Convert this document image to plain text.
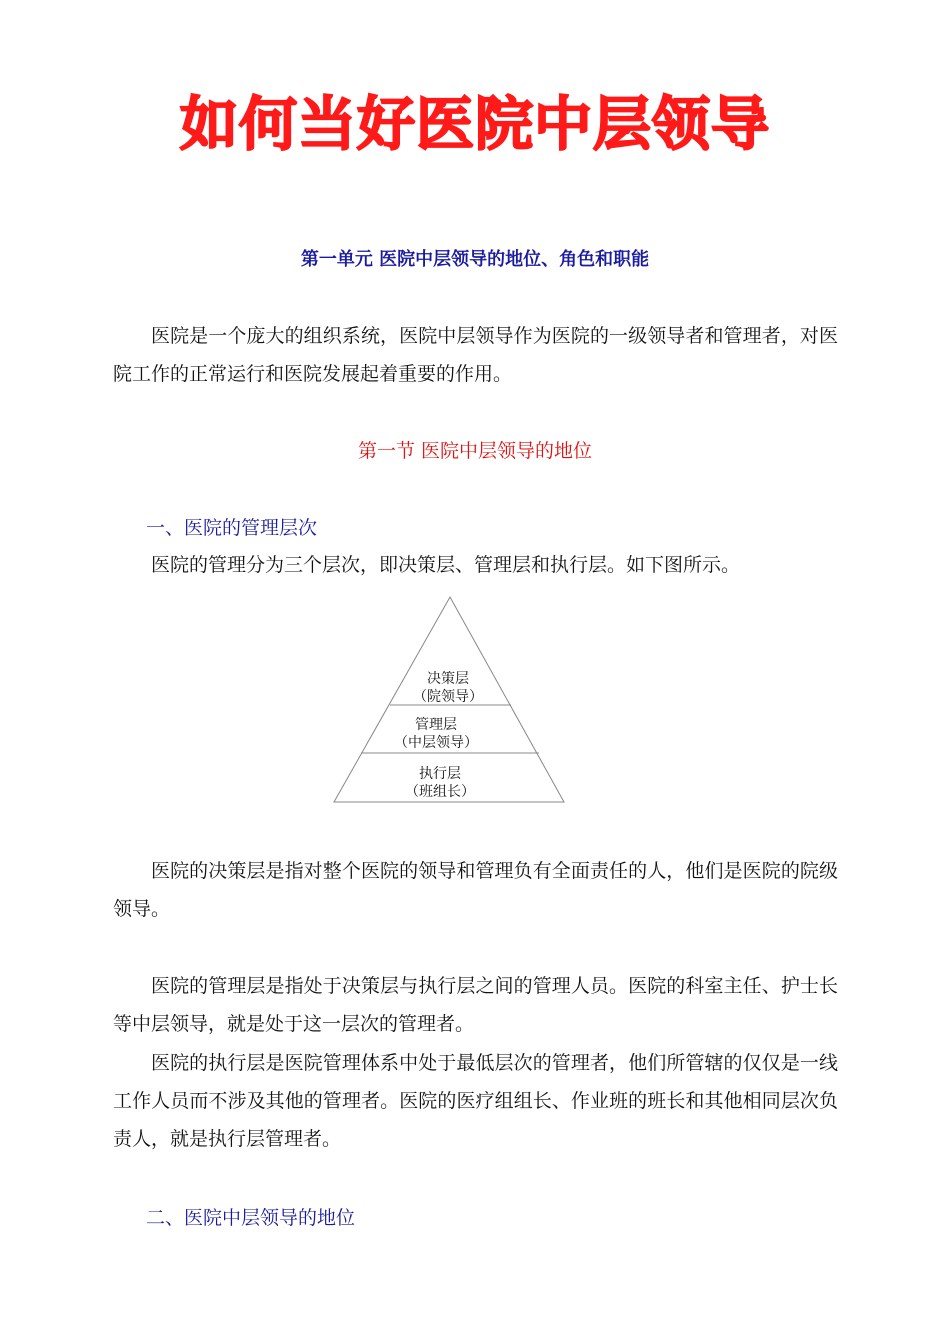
如何当好医院中层领导
第一单元 医院中层领导的地位、角色和职能
医院是一个庞大的组织系统，医院中层领导作为医院的一级领导者和管理者，对医院工作的正常运行和医院发展起着重要的作用。
第一节 医院中层领导的地位
一、医院的管理层次
医院的管理分为三个层次，即决策层、管理层和执行层。如下图所示。
决策层
（院领导）
管理层
（中层领导）
执行层
（班组长）
医院的决策层是指对整个医院的领导和管理负有全面责任的人，他们是医院的院级领导。
医院的管理层是指处于决策层与执行层之间的管理人员。医院的科室主任、护士长等中层领导，就是处于这一层次的管理者。
医院的执行层是医院管理体系中处于最低层次的管理者，他们所管辖的仅仅是一线工作人员而不涉及其他的管理者。医院的医疗组组长、作业班的班长和其他相同层次负责人，就是执行层管理者。
二、医院中层领导的地位
